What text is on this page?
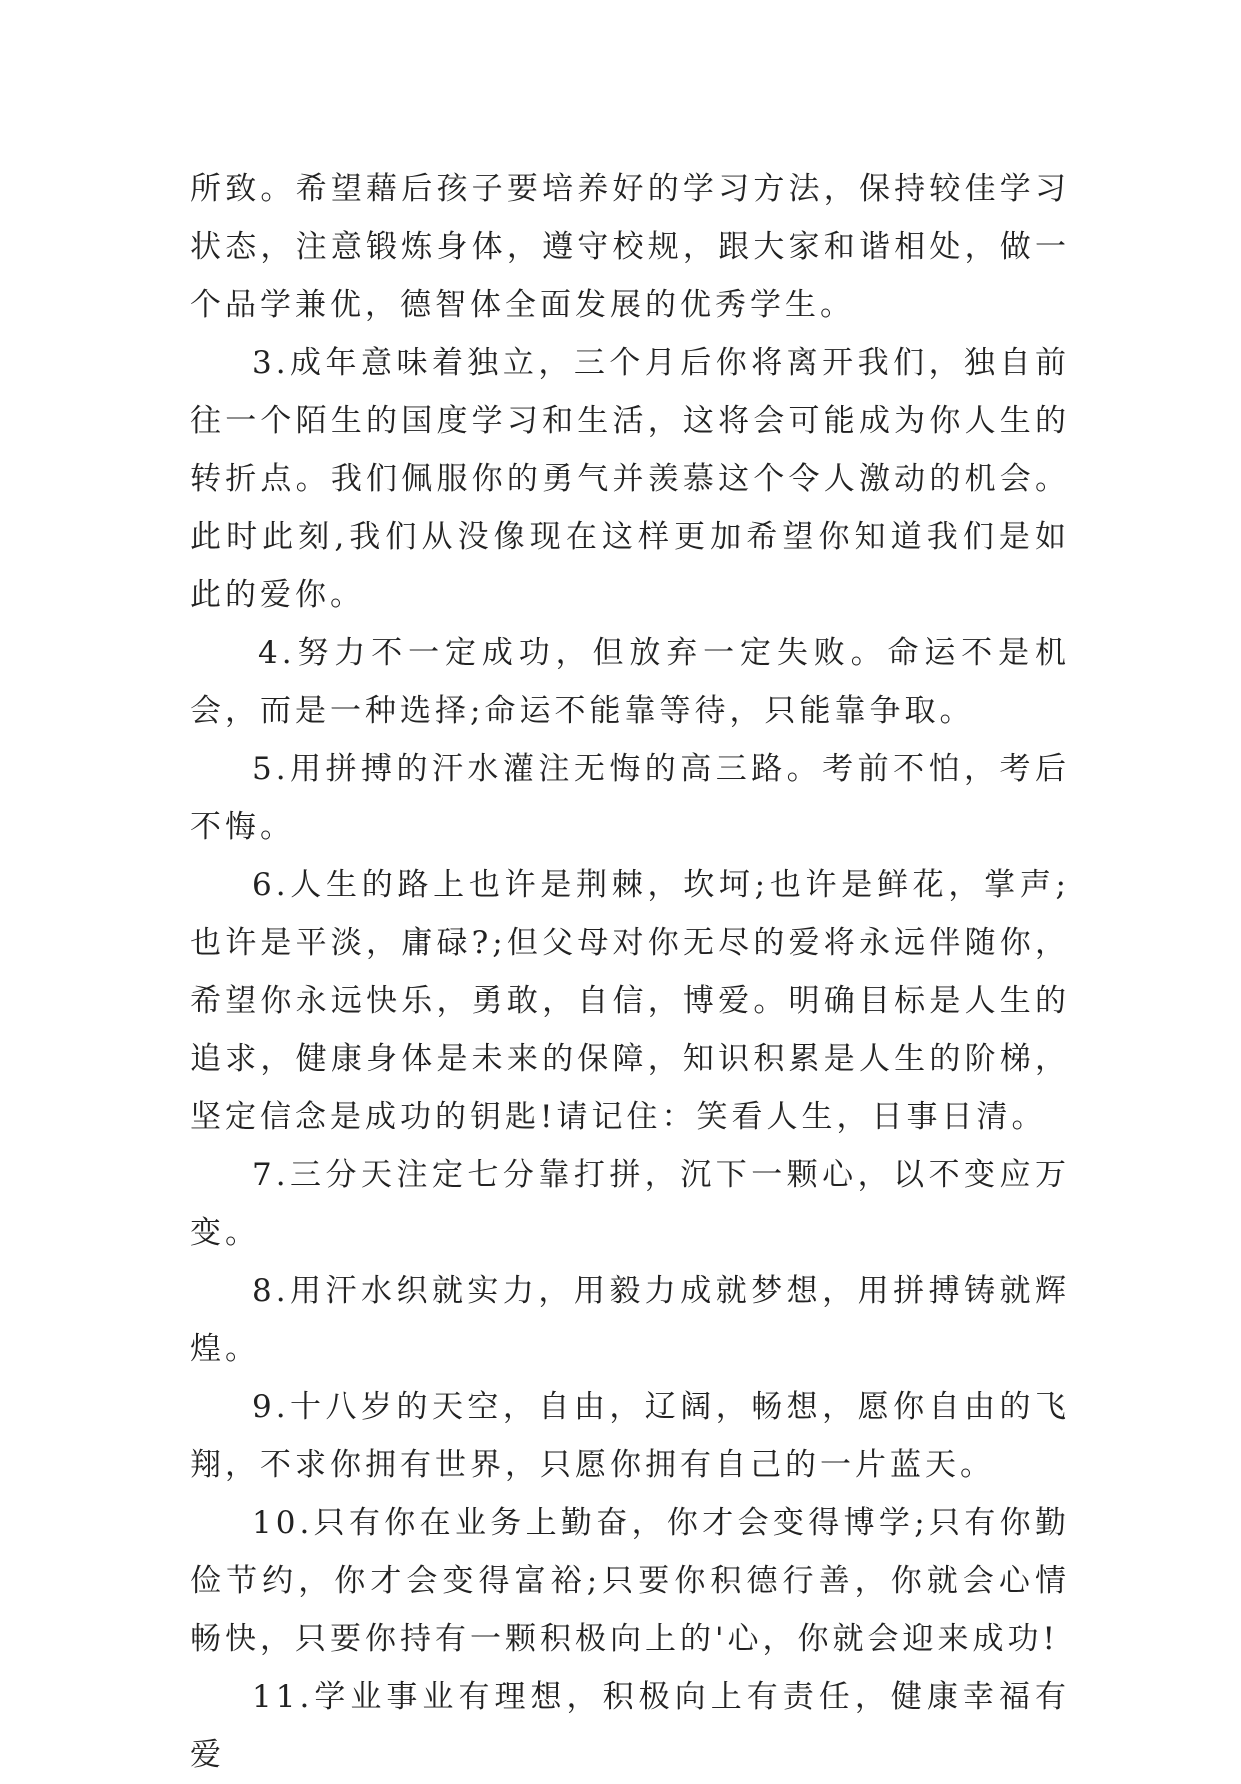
所致。希望藉后孩子要培养好的学习方法，保持较佳学习状态，注意锻炼身体，遵守校规，跟大家和谐相处，做一个品学兼优，德智体全面发展的优秀学生。

3.成年意味着独立，三个月后你将离开我们，独自前往一个陌生的国度学习和生活，这将会可能成为你人生的转折点。我们佩服你的勇气并羡慕这个令人激动的机会。此时此刻,我们从没像现在这样更加希望你知道我们是如此的爱你。

4.努力不一定成功，但放弃一定失败。命运不是机会，而是一种选择;命运不能靠等待，只能靠争取。

5.用拼搏的汗水灌注无悔的高三路。考前不怕，考后不悔。

6.人生的路上也许是荆棘，坎坷;也许是鲜花，掌声;也许是平淡，庸碌?;但父母对你无尽的爱将永远伴随你，希望你永远快乐，勇敢，自信，博爱。明确目标是人生的追求，健康身体是未来的保障，知识积累是人生的阶梯，坚定信念是成功的钥匙!请记住：笑看人生，日事日清。

7.三分天注定七分靠打拼，沉下一颗心，以不变应万变。

8.用汗水织就实力，用毅力成就梦想，用拼搏铸就辉煌。

9.十八岁的天空，自由，辽阔，畅想，愿你自由的飞翔，不求你拥有世界，只愿你拥有自己的一片蓝天。

10.只有你在业务上勤奋，你才会变得博学;只有你勤俭节约，你才会变得富裕;只要你积德行善，你就会心情畅快，只要你持有一颗积极向上的'心，你就会迎来成功!

11.学业事业有理想，积极向上有责任，健康幸福有爱
